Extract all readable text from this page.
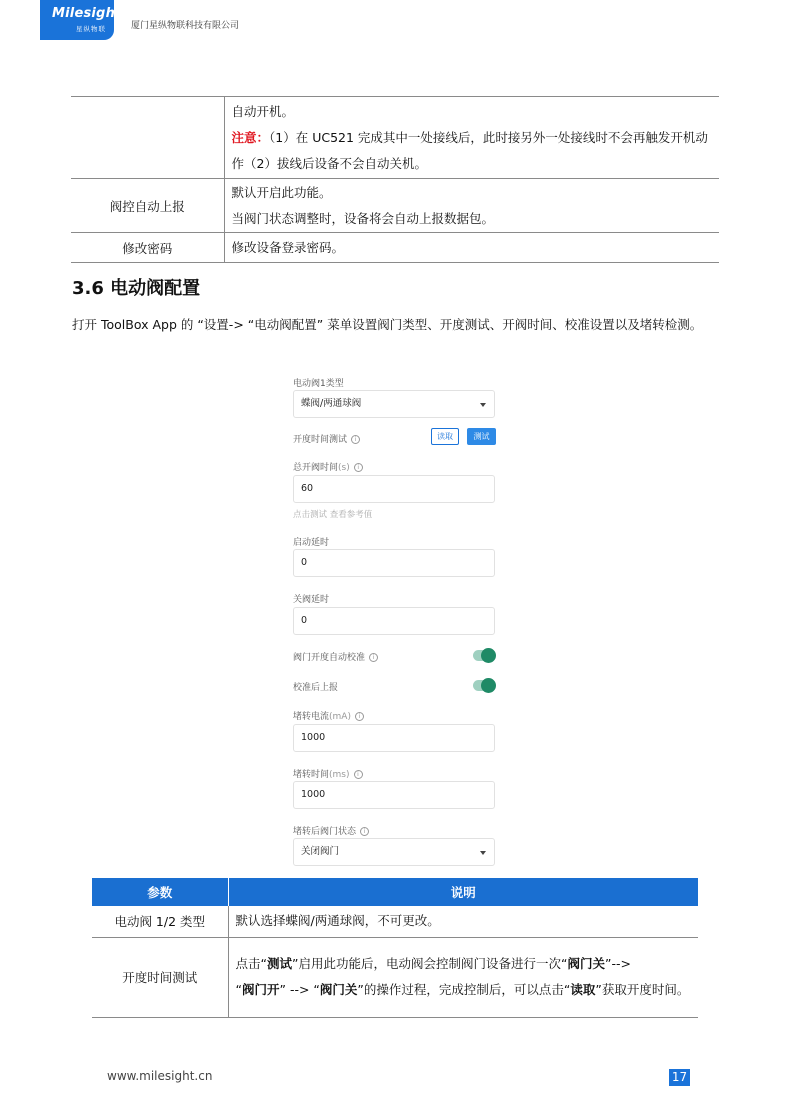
Milesight
星纵物联	厦门星纵物联科技有限公司

	自动开机。
注意：（1）在 UC521 完成其中一处接线后，此时接另外一处接线时不会再触发开机动作（2）拔线后设备不会自动关机。

阀控自动上报	默认开启此功能。
当阀门状态调整时，设备将会自动上报数据包。

修改密码	修改设备登录密码。
3.6 电动阀配置
打开 ToolBox App 的 “设置-> “电动阀配置” 菜单设置阀门类型、开度测试、开阀时间、校准设置以及堵转检测。
电动阀1类型
蝶阀/两通球阀
开度时间测试 i	读取	测试
总开阀时间(s) i
60
点击测试 查看参考值
启动延时
0
关阀延时
0
阀门开度自动校准 i
校准后上报
堵转电流(mA) i
1000
堵转时间(ms) i
1000
堵转后阀门状态 i
关闭阀门
参数	说明
电动阀 1/2 类型	默认选择蝶阀/两通球阀，不可更改。
开度时间测试	点击“测试”启用此功能后，电动阀会控制阀门设备进行一次“阀门关”-->
“阀门开” --> “阀门关”的操作过程，完成控制后，可以点击“读取”获取开度时间。
www.milesight.cn	17
